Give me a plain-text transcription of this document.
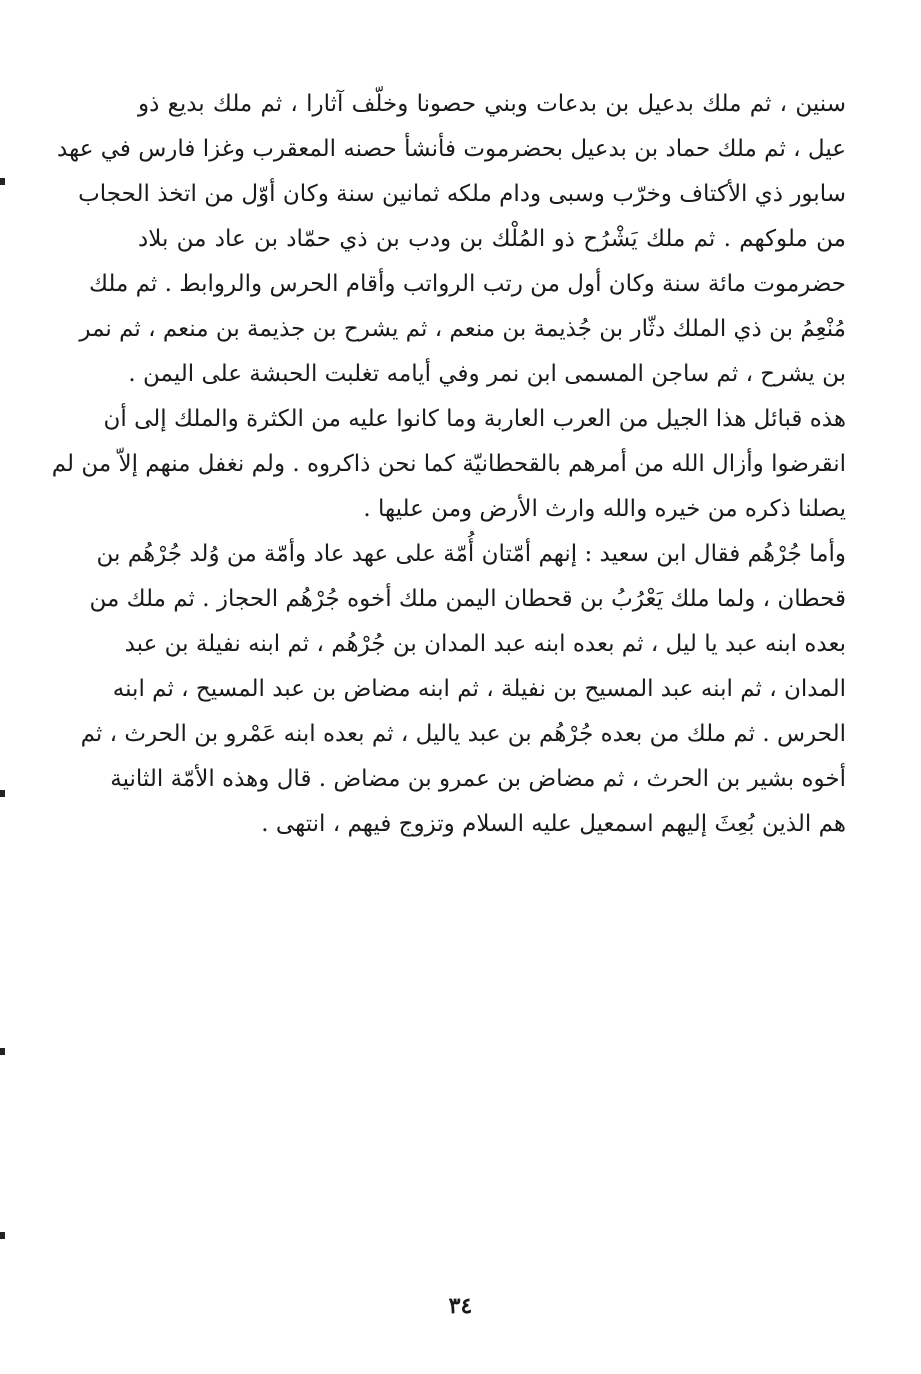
سنين ، ثم ملك بدعيل بن بدعات وبني حصونا وخلّف آثارا ، ثم ملك بديع ذو
عيل ، ثم ملك حماد بن بدعيل بحضرموت فأنشأ حصنه المعقرب وغزا فارس في عهد
سابور ذي الأكتاف وخرّب وسبى ودام ملكه ثمانين سنة وكان أوّل من اتخذ الحجاب
من ملوكهم . ثم ملك يَشْرُح ذو المُلْك بن ودب بن ذي حمّاد بن عاد من بلاد
حضرموت مائة سنة وكان أول من رتب الرواتب وأقام الحرس والروابط . ثم ملك
مُنْعِمُ بن ذي الملك دثّار بن جُذيمة بن منعم ، ثم يشرح بن جذيمة بن منعم ، ثم نمر
بن يشرح ، ثم ساجن المسمى ابن نمر وفي أيامه تغلبت الحبشة على اليمن .
هذه قبائل هذا الجيل من العرب العاربة وما كانوا عليه من الكثرة والملك إلى أن
انقرضوا وأزال الله من أمرهم بالقحطانيّة كما نحن ذاكروه . ولم نغفل منهم إلاّ من لم
يصلنا ذكره من خيره والله وارث الأرض ومن عليها .
وأما جُرْهُم فقال ابن سعيد : إنهم أمّتان أُمّة على عهد عاد وأمّة من وُلد جُرْهُم بن
قحطان ، ولما ملك يَعْرُبُ بن قحطان اليمن ملك أخوه جُرْهُم الحجاز . ثم ملك من
بعده ابنه عبد يا ليل ، ثم بعده ابنه عبد المدان بن جُرْهُم ، ثم ابنه نفيلة بن عبد
المدان ، ثم ابنه عبد المسيح بن نفيلة ، ثم ابنه مضاض بن عبد المسيح ، ثم ابنه
الحرس . ثم ملك من بعده جُرْهُم بن عبد ياليل ، ثم بعده ابنه عَمْرو بن الحرث ، ثم
أخوه بشير بن الحرث ، ثم مضاض بن عمرو بن مضاض . قال وهذه الأمّة الثانية
هم الذين بُعِثَ إليهم اسمعيل عليه السلام وتزوج فيهم ، انتهى .
٣٤
